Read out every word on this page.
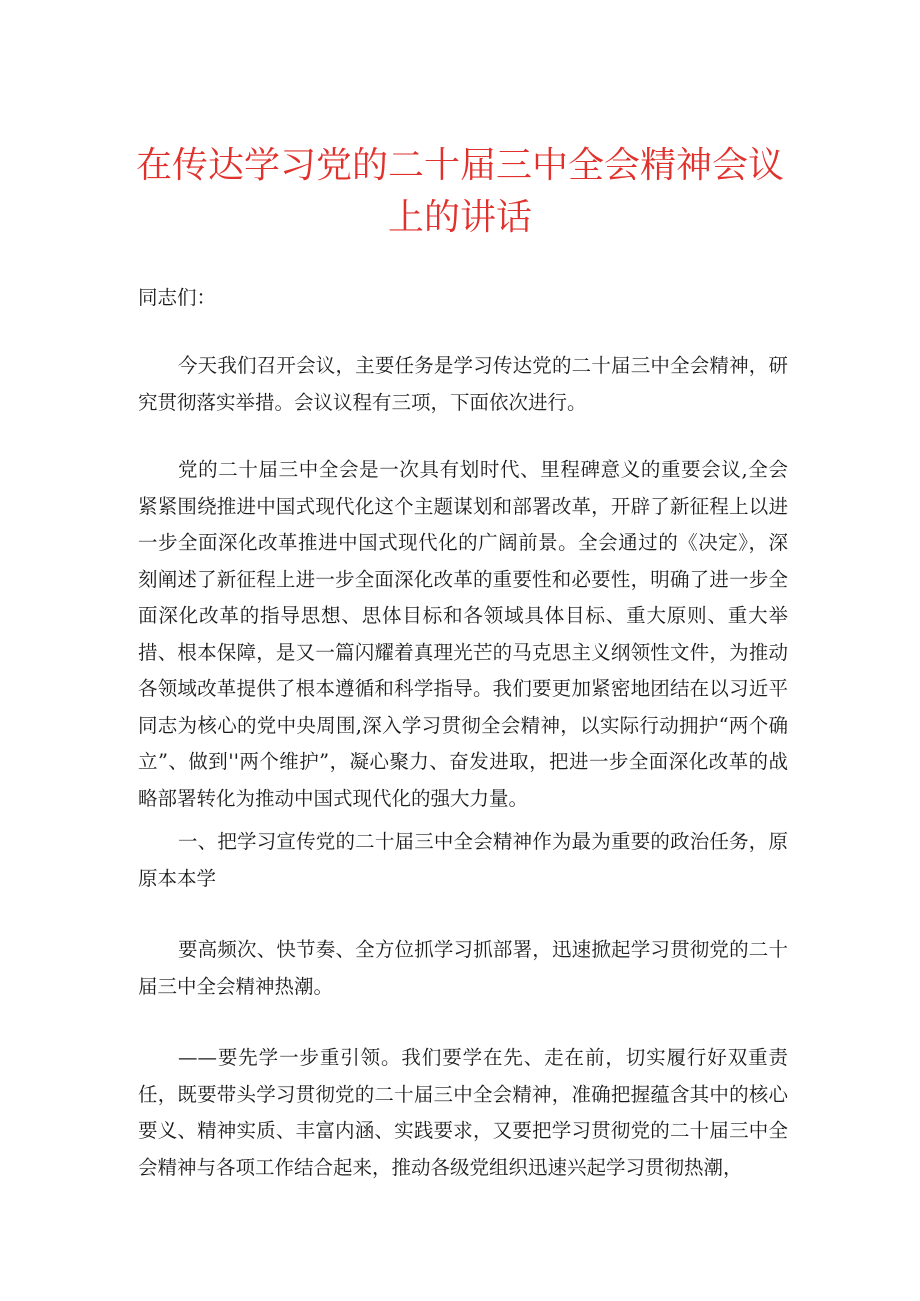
在传达学习党的二十届三中全会精神会议上的讲话

同志们：

今天我们召开会议，主要任务是学习传达党的二十届三中全会精神，研究贯彻落实举措。会议议程有三项，下面依次进行。

党的二十届三中全会是一次具有划时代、里程碑意义的重要会议,全会紧紧围绕推进中国式现代化这个主题谋划和部署改革，开辟了新征程上以进一步全面深化改革推进中国式现代化的广阔前景。全会通过的《决定》，深刻阐述了新征程上进一步全面深化改革的重要性和必要性，明确了进一步全面深化改革的指导思想、思体目标和各领域具体目标、重大原则、重大举措、根本保障，是又一篇闪耀着真理光芒的马克思主义纲领性文件，为推动各领域改革提供了根本遵循和科学指导。我们要更加紧密地团结在以习近平同志为核心的党中央周围,深入学习贯彻全会精神，以实际行动拥护“两个确立”、做到''两个维护”，凝心聚力、奋发进取，把进一步全面深化改革的战略部署转化为推动中国式现代化的强大力量。

一、把学习宣传党的二十届三中全会精神作为最为重要的政治任务，原原本本学

要高频次、快节奏、全方位抓学习抓部署，迅速掀起学习贯彻党的二十届三中全会精神热潮。

——要先学一步重引领。我们要学在先、走在前，切实履行好双重责任，既要带头学习贯彻党的二十届三中全会精神，准确把握蕴含其中的核心要义、精神实质、丰富内涵、实践要求，又要把学习贯彻党的二十届三中全会精神与各项工作结合起来，推动各级党组织迅速兴起学习贯彻热潮，
